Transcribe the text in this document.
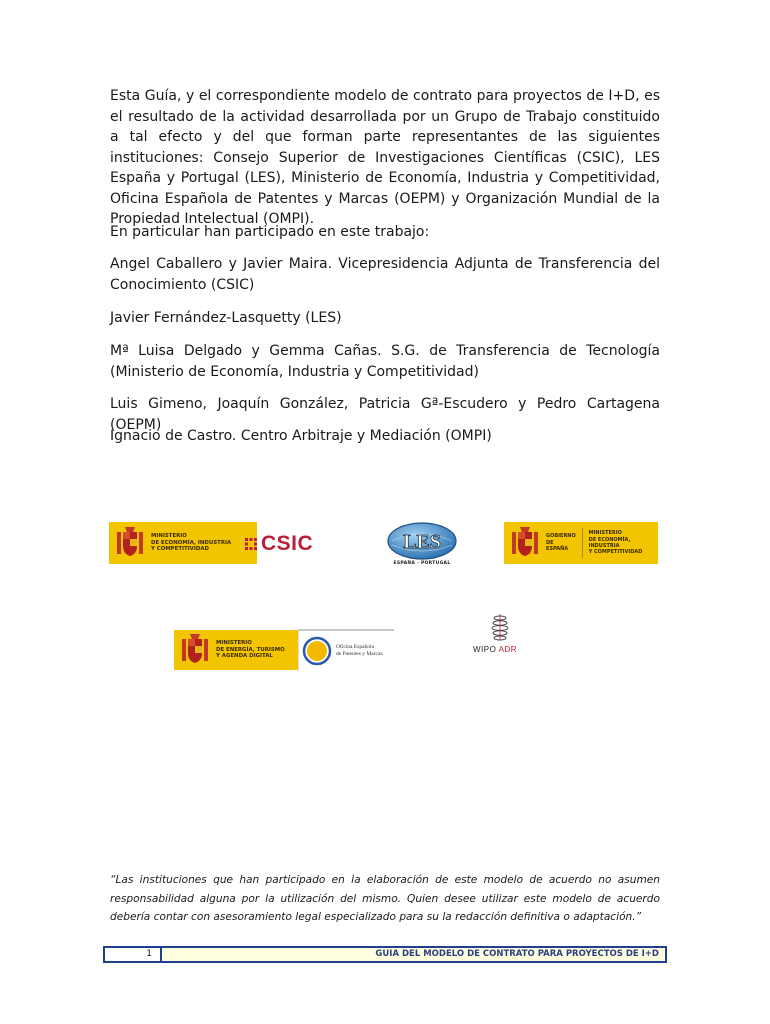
Esta Guía, y el correspondiente modelo de contrato para proyectos de I+D, es el resultado de la actividad desarrollada por un Grupo de Trabajo constituido a tal efecto y del que forman parte representantes de las siguientes instituciones: Consejo Superior de Investigaciones Científicas (CSIC), LES España y Portugal (LES), Ministerio de Economía, Industria y Competitividad, Oficina Española de Patentes y Marcas (OEPM) y Organización Mundial de la Propiedad Intelectual (OMPI).

En particular han participado en este trabajo:

Angel Caballero y Javier Maira. Vicepresidencia Adjunta de Transferencia del Conocimiento (CSIC)

Javier Fernández-Lasquetty (LES)

Mª Luisa Delgado y Gemma Cañas. S.G. de Transferencia de Tecnología (Ministerio de Economía, Industria y Competitividad)

Luis Gimeno, Joaquín González, Patricia Gª-Escudero y Pedro Cartagena (OEPM)

Ignacio de Castro. Centro Arbitraje y Mediación (OMPI)

MINISTERIO
DE ECONOMÍA, INDUSTRIA
Y COMPETITIVIDAD	CSIC	LES
ESPAÑA · PORTUGAL
GOBIERNO
DE ESPAÑA
MINISTERIO
DE ECONOMÍA, INDUSTRIA
Y COMPETITIVIDAD
MINISTERIO
DE ENERGÍA, TURISMO
Y AGENDA DIGITAL
Oficina Española
de Patentes y Marcas	WIPO ADR

“Las instituciones que han participado en la elaboración de este modelo de acuerdo no asumen responsabilidad alguna por la utilización del mismo. Quien desee utilizar este modelo de acuerdo debería contar con asesoramiento legal especializado para su la redacción definitiva o adaptación.”

1	GUIA DEL MODELO DE CONTRATO PARA PROYECTOS DE I+D
